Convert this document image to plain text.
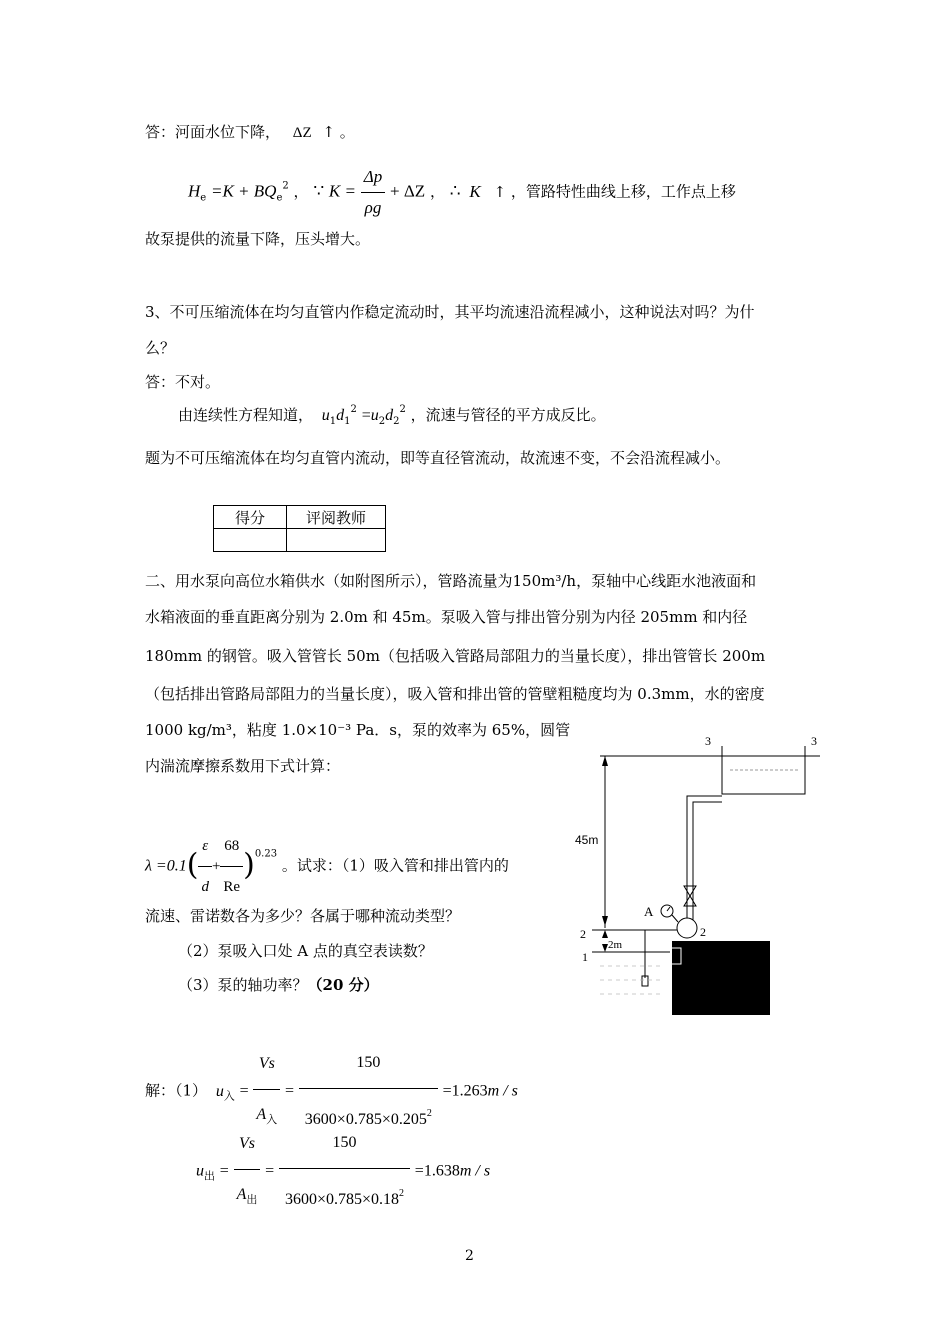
答：河面水位下降， ΔZ ↑ 。
$H_e =K + BQ_e^2$ ， ∵ $K = \frac{\Delta p}{\rho g} + \Delta Z$ ， ∴ K ↑ ，管路特性曲线上移，工作点上移
故泵提供的流量下降，压头增大。
3、不可压缩流体在均匀直管内作稳定流动时，其平均流速沿流程减小，这种说法对吗？为什
么？
答：不对。
由连续性方程知道， $u_1d_1^2 =u_2d_2^2$ ，流速与管径的平方成反比。
题为不可压缩流体在均匀直管内流动，即等直径管流动，故流速不变，不会沿流程减小。
得分	评阅教师

二、用水泵向高位水箱供水（如附图所示），管路流量为150m³/h，泵轴中心线距水池液面和
水箱液面的垂直距离分别为 2.0m 和 45m。泵吸入管与排出管分别为内径 205mm 和内径
180mm 的钢管。吸入管管长 50m（包括吸入管路局部阻力的当量长度），排出管管长 200m
（包括排出管路局部阻力的当量长度），吸入管和排出管的管壁粗糙度均为 0.3mm，水的密度
1000 kg/m³，粘度 1.0×10⁻³ Pa．s，泵的效率为 65%，圆管
内湍流摩擦系数用下式计算：
$\lambda =0.1( \frac{\varepsilon}{d} + \frac{68}{Re} )^{0.23}$ 。试求：（1）吸入管和排出管内的
流速、雷诺数各为多少？各属于哪种流动类型？
（2）泵吸入口处 A 点的真空表读数？
（3）泵的轴功率？（20 分）
3	3
45m
A
2	2
2m
1
解：（1） $u_入 = \frac{Vs}{A_入} = \frac{150}{3600\times 0.785\times 0.205^2} =1.263m / s$
$u_出 = \frac{Vs}{A_出} = \frac{150}{3600\times 0.785\times 0.18^2} =1.638m / s$
2
